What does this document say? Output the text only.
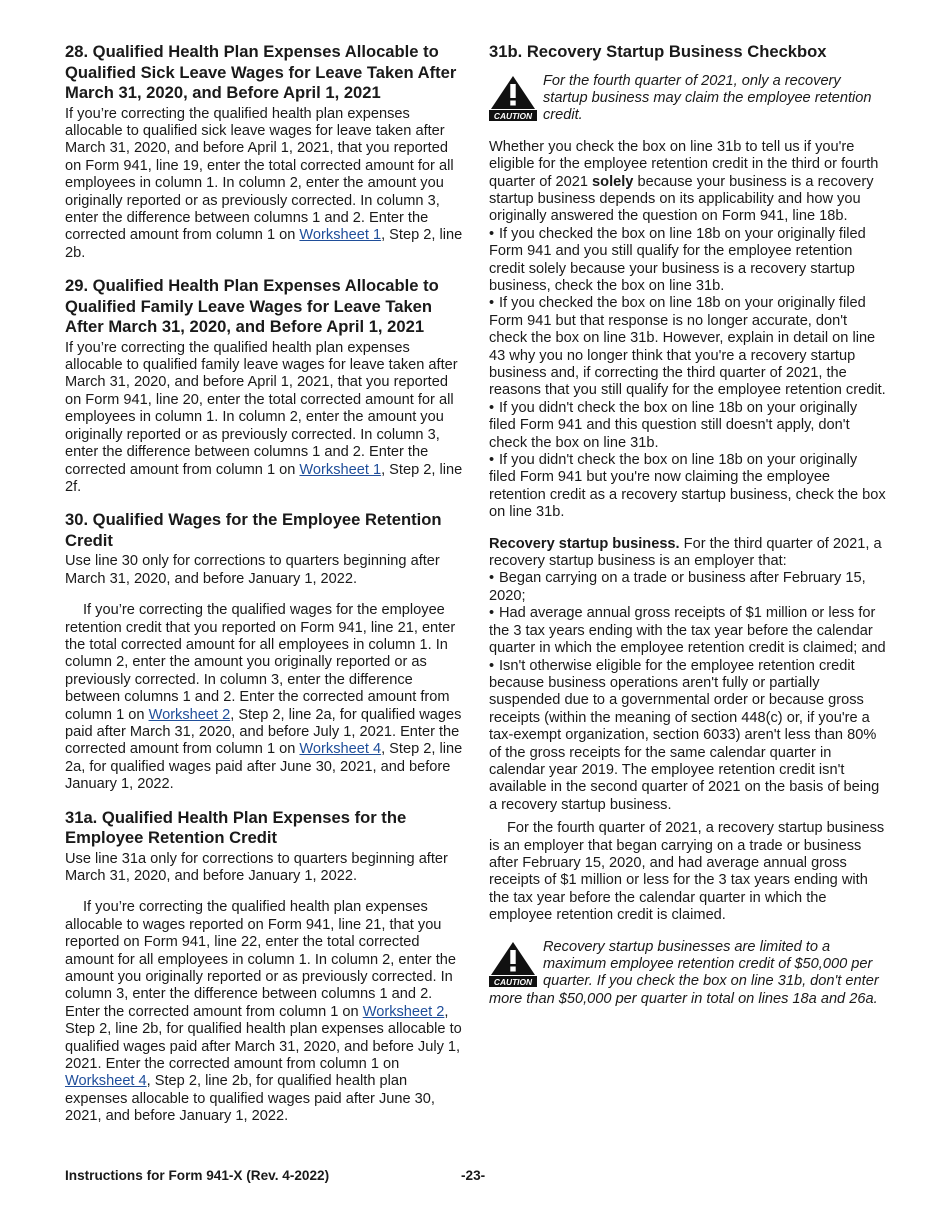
28. Qualified Health Plan Expenses Allocable to Qualified Sick Leave Wages for Leave Taken After March 31, 2020, and Before April 1, 2021

If you’re correcting the qualified health plan expenses allocable to qualified sick leave wages for leave taken after March 31, 2020, and before April 1, 2021, that you reported on Form 941, line 19, enter the total corrected amount for all employees in column 1. In column 2, enter the amount you originally reported or as previously corrected. In column 3, enter the difference between columns 1 and 2. Enter the corrected amount from column 1 on Worksheet 1, Step 2, line 2b.

29. Qualified Health Plan Expenses Allocable to Qualified Family Leave Wages for Leave Taken After March 31, 2020, and Before April 1, 2021

If you’re correcting the qualified health plan expenses allocable to qualified family leave wages for leave taken after March 31, 2020, and before April 1, 2021, that you reported on Form 941, line 20, enter the total corrected amount for all employees in column 1. In column 2, enter the amount you originally reported or as previously corrected. In column 3, enter the difference between columns 1 and 2. Enter the corrected amount from column 1 on Worksheet 1, Step 2, line 2f.

30. Qualified Wages for the Employee Retention Credit

Use line 30 only for corrections to quarters beginning after March 31, 2020, and before January 1, 2022.

If you’re correcting the qualified wages for the employee retention credit that you reported on Form 941, line 21, enter the total corrected amount for all employees in column 1. In column 2, enter the amount you originally reported or as previously corrected. In column 3, enter the difference between columns 1 and 2. Enter the corrected amount from column 1 on Worksheet 2, Step 2, line 2a, for qualified wages paid after March 31, 2020, and before July 1, 2021. Enter the corrected amount from column 1 on Worksheet 4, Step 2, line 2a, for qualified wages paid after June 30, 2021, and before January 1, 2022.

31a. Qualified Health Plan Expenses for the Employee Retention Credit

Use line 31a only for corrections to quarters beginning after March 31, 2020, and before January 1, 2022.

If you’re correcting the qualified health plan expenses allocable to wages reported on Form 941, line 21, that you reported on Form 941, line 22, enter the total corrected amount for all employees in column 1. In column 2, enter the amount you originally reported or as previously corrected. In column 3, enter the difference between columns 1 and 2. Enter the corrected amount from column 1 on Worksheet 2, Step 2, line 2b, for qualified health plan expenses allocable to qualified wages paid after March 31, 2020, and before July 1, 2021. Enter the corrected amount from column 1 on Worksheet 4, Step 2, line 2b, for qualified health plan expenses allocable to qualified wages paid after June 30, 2021, and before January 1, 2022.

31b. Recovery Startup Business Checkbox
CAUTION
For the fourth quarter of 2021, only a recovery startup business may claim the employee retention credit.

Whether you check the box on line 31b to tell us if you're eligible for the employee retention credit in the third or fourth quarter of 2021 solely because your business is a recovery startup business depends on its applicability and how you originally answered the question on Form 941, line 18b.

• If you checked the box on line 18b on your originally filed Form 941 and you still qualify for the employee retention credit solely because your business is a recovery startup business, check the box on line 31b.

• If you checked the box on line 18b on your originally filed Form 941 but that response is no longer accurate, don't check the box on line 31b. However, explain in detail on line 43 why you no longer think that you're a recovery startup business and, if correcting the third quarter of 2021, the reasons that you still qualify for the employee retention credit.

• If you didn't check the box on line 18b on your originally filed Form 941 and this question still doesn't apply, don't check the box on line 31b.

• If you didn't check the box on line 18b on your originally filed Form 941 but you're now claiming the employee retention credit as a recovery startup business, check the box on line 31b.

Recovery startup business. For the third quarter of 2021, a recovery startup business is an employer that:

• Began carrying on a trade or business after February 15, 2020;

• Had average annual gross receipts of $1 million or less for the 3 tax years ending with the tax year before the calendar quarter in which the employee retention credit is claimed; and

• Isn't otherwise eligible for the employee retention credit because business operations aren't fully or partially suspended due to a governmental order or because gross receipts (within the meaning of section 448(c) or, if you're a tax-exempt organization, section 6033) aren't less than 80% of the gross receipts for the same calendar quarter in calendar year 2019. The employee retention credit isn't available in the second quarter of 2021 on the basis of being a recovery startup business.

For the fourth quarter of 2021, a recovery startup business is an employer that began carrying on a trade or business after February 15, 2020, and had average annual gross receipts of $1 million or less for the 3 tax years ending with the tax year before the calendar quarter in which the employee retention credit is claimed.

CAUTION
Recovery startup businesses are limited to a maximum employee retention credit of $50,000 per quarter. If you check the box on line 31b, don't enter more than $50,000 per quarter in total on lines 18a and 26a.
Instructions for Form 941-X (Rev. 4-2022)	-23-
